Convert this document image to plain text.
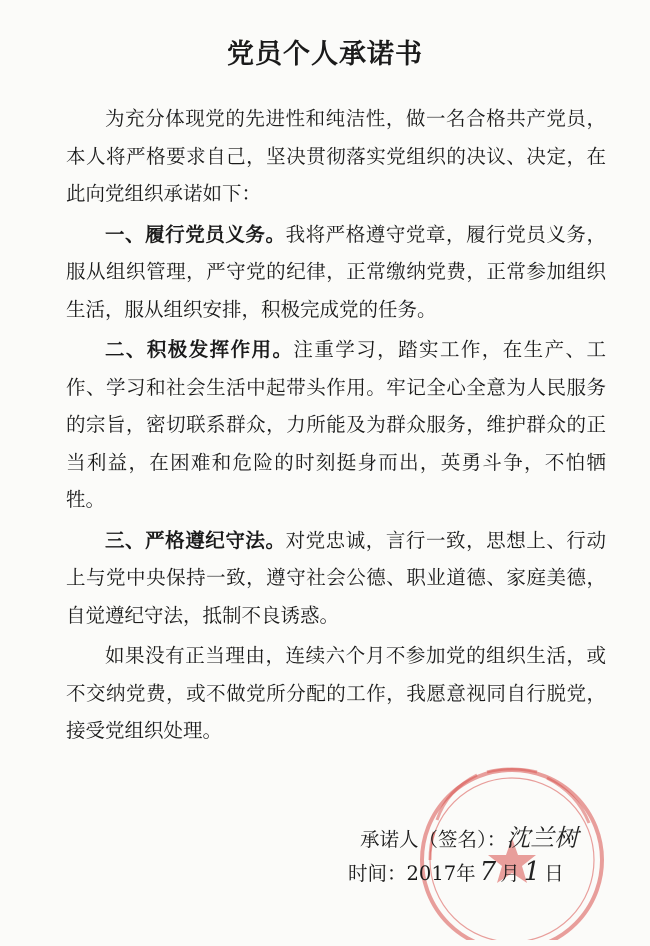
党员个人承诺书

为充分体现党的先进性和纯洁性，做一名合格共产党员，本人将严格要求自己，坚决贯彻落实党组织的决议、决定，在此向党组织承诺如下：

一、履行党员义务。我将严格遵守党章，履行党员义务，服从组织管理，严守党的纪律，正常缴纳党费，正常参加组织生活，服从组织安排，积极完成党的任务。

二、积极发挥作用。注重学习，踏实工作，在生产、工作、学习和社会生活中起带头作用。牢记全心全意为人民服务的宗旨，密切联系群众，力所能及为群众服务，维护群众的正当利益，在困难和危险的时刻挺身而出，英勇斗争，不怕牺牲。

三、严格遵纪守法。对党忠诚，言行一致，思想上、行动上与党中央保持一致，遵守社会公德、职业道德、家庭美德，自觉遵纪守法，抵制不良诱惑。

如果没有正当理由，连续六个月不参加党的组织生活，或不交纳党费，或不做党所分配的工作，我愿意视同自行脱党，接受党组织处理。

承诺人（签名）：沈兰树
时间：2017年 7 月 1 日
